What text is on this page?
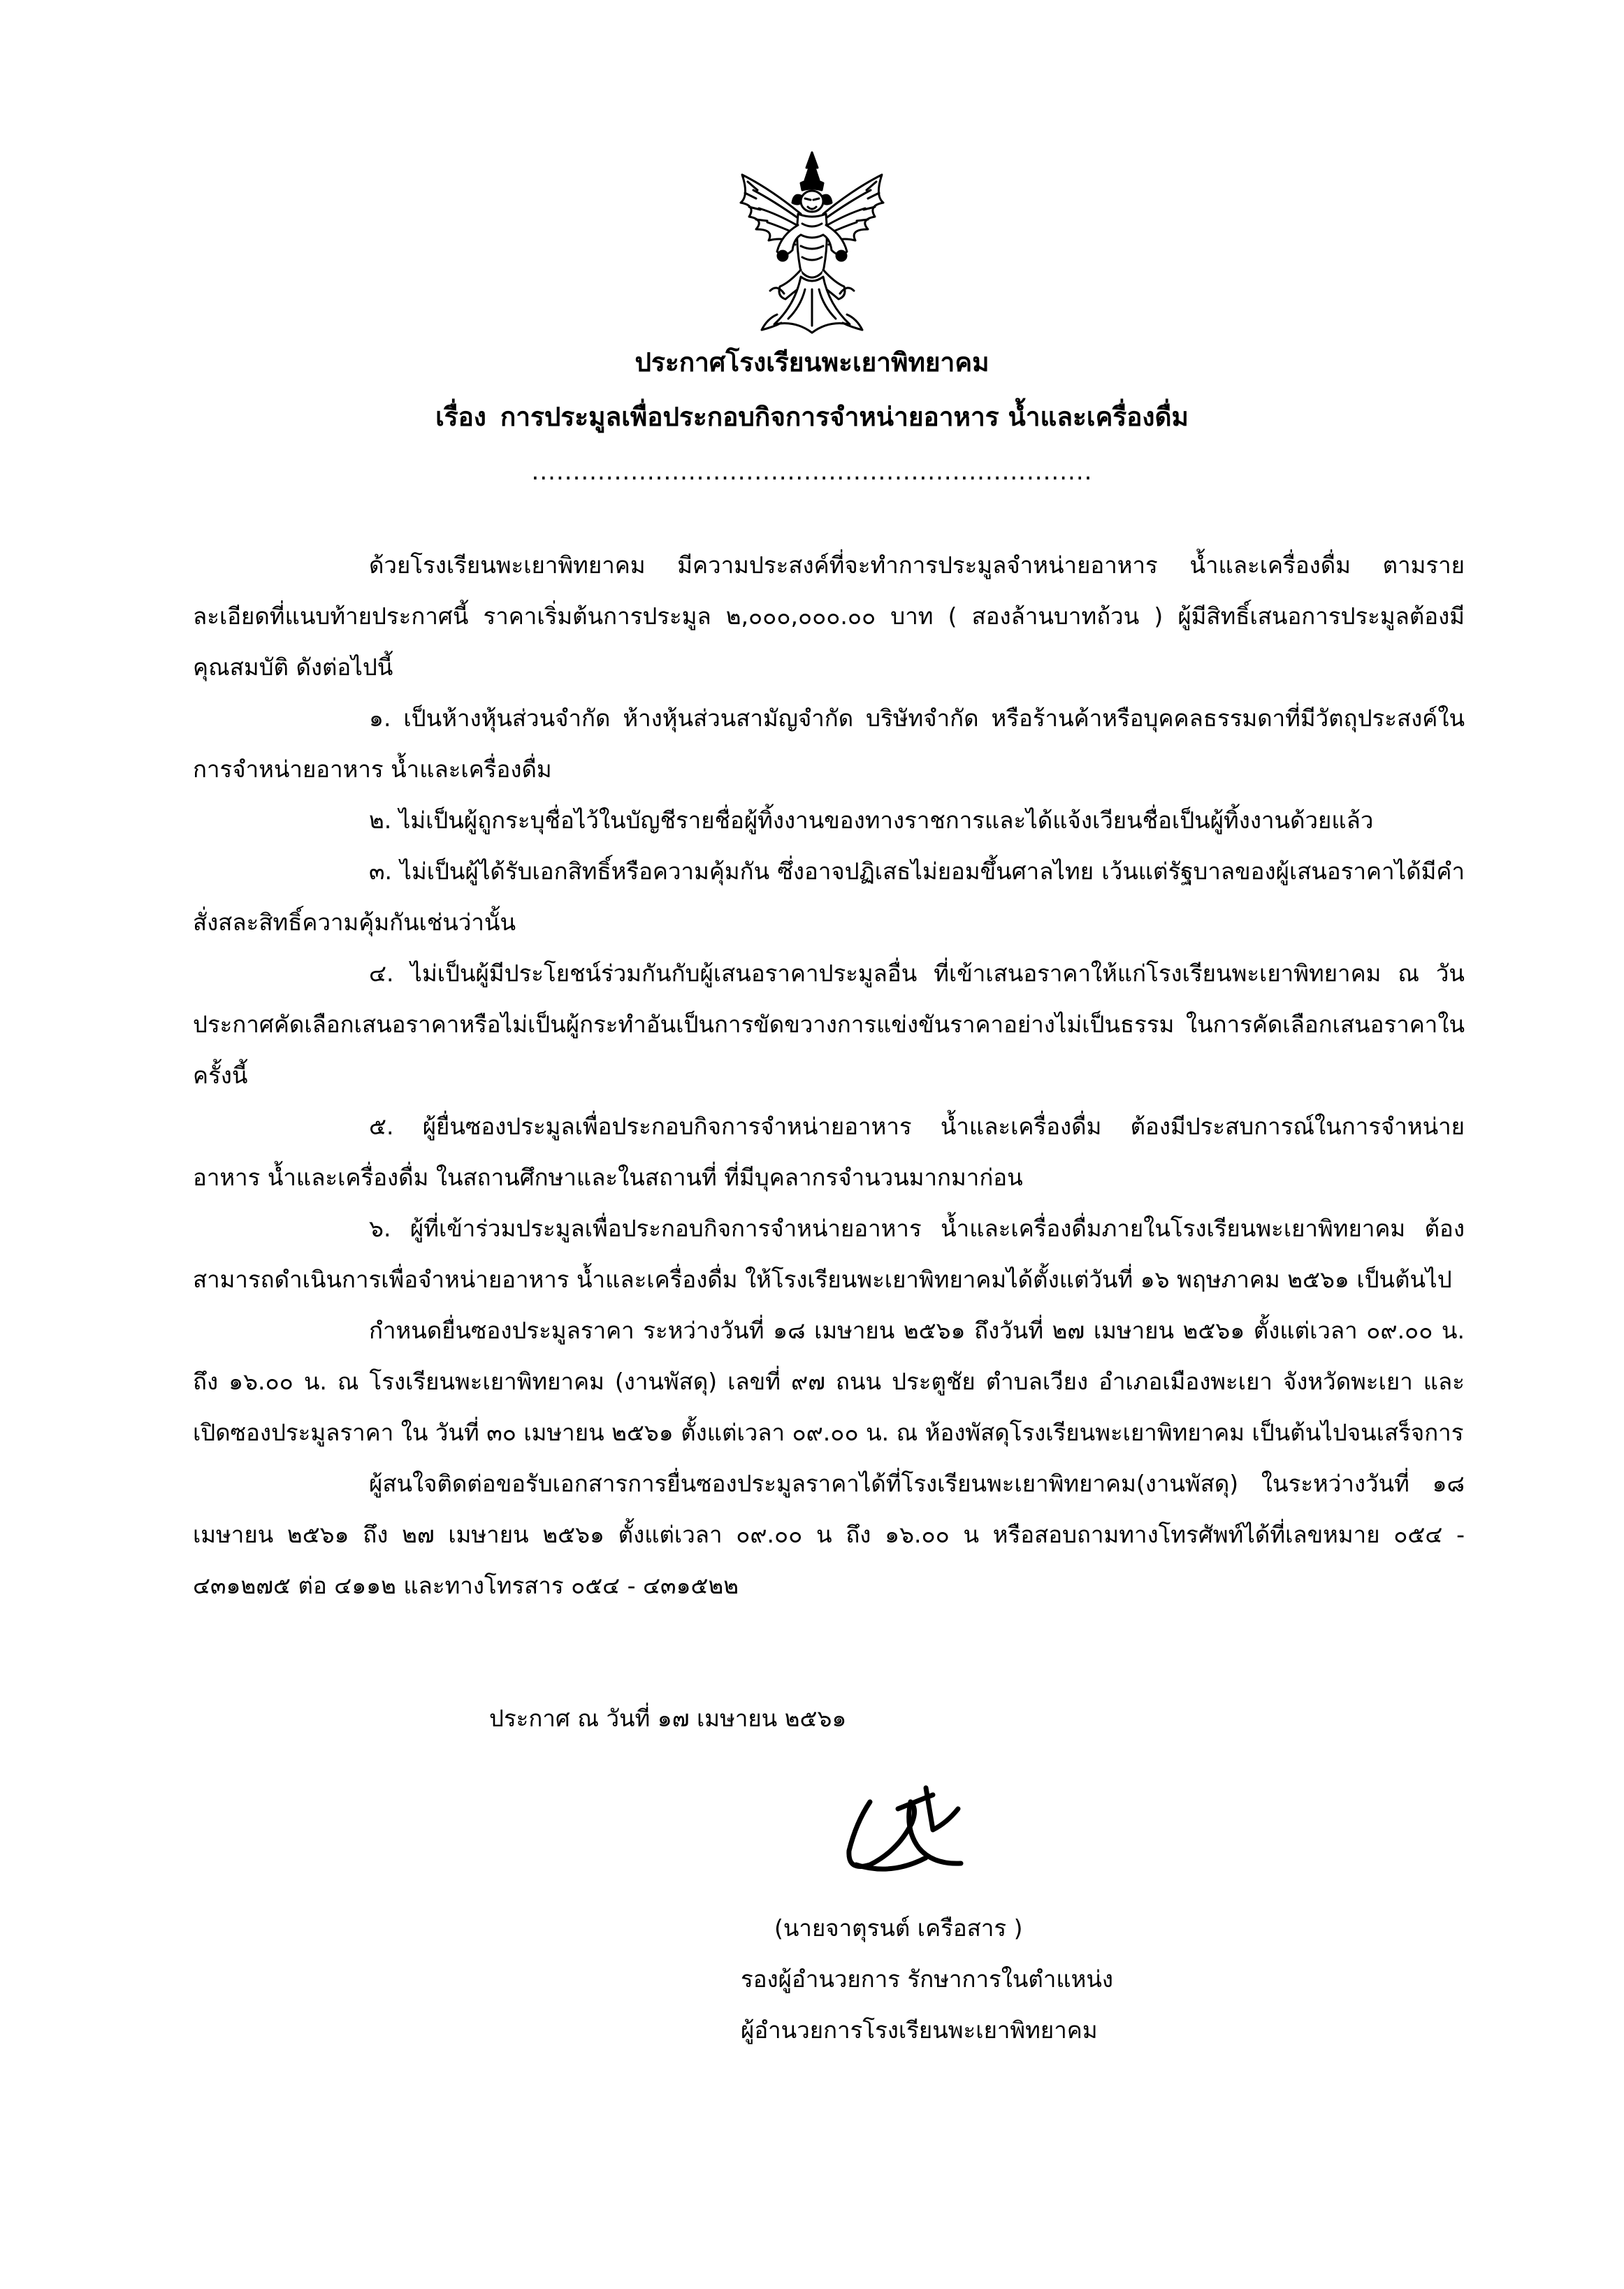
ประกาศโรงเรียนพะเยาพิทยาคม
เรื่อง การประมูลเพื่อประกอบกิจการจำหน่ายอาหาร น้ำและเครื่องดื่ม
....................................................................

ด้วยโรงเรียนพะเยาพิทยาคม มีความประสงค์ที่จะทำการประมูลจำหน่ายอาหาร น้ำและเครื่องดื่ม ตามรายละเอียดที่แนบท้ายประกาศนี้ ราคาเริ่มต้นการประมูล ๒,๐๐๐,๐๐๐.๐๐ บาท ( สองล้านบาทถ้วน ) ผู้มีสิทธิ์เสนอการประมูลต้องมีคุณสมบัติ ดังต่อไปนี้

๑. เป็นห้างหุ้นส่วนจำกัด ห้างหุ้นส่วนสามัญจำกัด บริษัทจำกัด หรือร้านค้าหรือบุคคลธรรมดาที่มีวัตถุประสงค์ในการจำหน่ายอาหาร น้ำและเครื่องดื่ม

๒. ไม่เป็นผู้ถูกระบุชื่อไว้ในบัญชีรายชื่อผู้ทิ้งงานของทางราชการและได้แจ้งเวียนชื่อเป็นผู้ทิ้งงานด้วยแล้ว

๓. ไม่เป็นผู้ได้รับเอกสิทธิ์หรือความคุ้มกัน ซึ่งอาจปฏิเสธไม่ยอมขึ้นศาลไทย เว้นแต่รัฐบาลของผู้เสนอราคาได้มีคำสั่งสละสิทธิ์ความคุ้มกันเช่นว่านั้น

๔. ไม่เป็นผู้มีประโยชน์ร่วมกันกับผู้เสนอราคาประมูลอื่น ที่เข้าเสนอราคาให้แก่โรงเรียนพะเยาพิทยาคม ณ วันประกาศคัดเลือกเสนอราคาหรือไม่เป็นผู้กระทำอันเป็นการขัดขวางการแข่งขันราคาอย่างไม่เป็นธรรม ในการคัดเลือกเสนอราคาในครั้งนี้

๕. ผู้ยื่นซองประมูลเพื่อประกอบกิจการจำหน่ายอาหาร น้ำและเครื่องดื่ม ต้องมีประสบการณ์ในการจำหน่ายอาหาร น้ำและเครื่องดื่ม ในสถานศึกษาและในสถานที่ ที่มีบุคลากรจำนวนมากมาก่อน

๖. ผู้ที่เข้าร่วมประมูลเพื่อประกอบกิจการจำหน่ายอาหาร น้ำและเครื่องดื่มภายในโรงเรียนพะเยาพิทยาคม ต้องสามารถดำเนินการเพื่อจำหน่ายอาหาร น้ำและเครื่องดื่ม ให้โรงเรียนพะเยาพิทยาคมได้ตั้งแต่วันที่ ๑๖ พฤษภาคม ๒๕๖๑ เป็นต้นไป

กำหนดยื่นซองประมูลราคา ระหว่างวันที่ ๑๘ เมษายน ๒๕๖๑ ถึงวันที่ ๒๗ เมษายน ๒๕๖๑ ตั้งแต่เวลา ๐๙.๐๐ น. ถึง ๑๖.๐๐ น. ณ โรงเรียนพะเยาพิทยาคม (งานพัสดุ) เลขที่ ๙๗ ถนน ประตูชัย ตำบลเวียง อำเภอเมืองพะเยา จังหวัดพะเยา และ เปิดซองประมูลราคา ใน วันที่ ๓๐ เมษายน ๒๕๖๑ ตั้งแต่เวลา ๐๙.๐๐ น. ณ ห้องพัสดุโรงเรียนพะเยาพิทยาคม เป็นต้นไปจนเสร็จการ

ผู้สนใจติดต่อขอรับเอกสารการยื่นซองประมูลราคาได้ที่โรงเรียนพะเยาพิทยาคม(งานพัสดุ) ในระหว่างวันที่ ๑๘ เมษายน ๒๕๖๑ ถึง ๒๗ เมษายน ๒๕๖๑ ตั้งแต่เวลา ๐๙.๐๐ น ถึง ๑๖.๐๐ น หรือสอบถามทางโทรศัพท์ได้ที่เลขหมาย ๐๕๔ - ๔๓๑๒๗๕ ต่อ ๔๑๑๒ และทางโทรสาร ๐๕๔ - ๔๓๑๕๒๒

ประกาศ ณ วันที่ ๑๗ เมษายน ๒๕๖๑
(นายจาตุรนต์ เครือสาร )
รองผู้อำนวยการ รักษาการในตำแหน่ง
ผู้อำนวยการโรงเรียนพะเยาพิทยาคม
